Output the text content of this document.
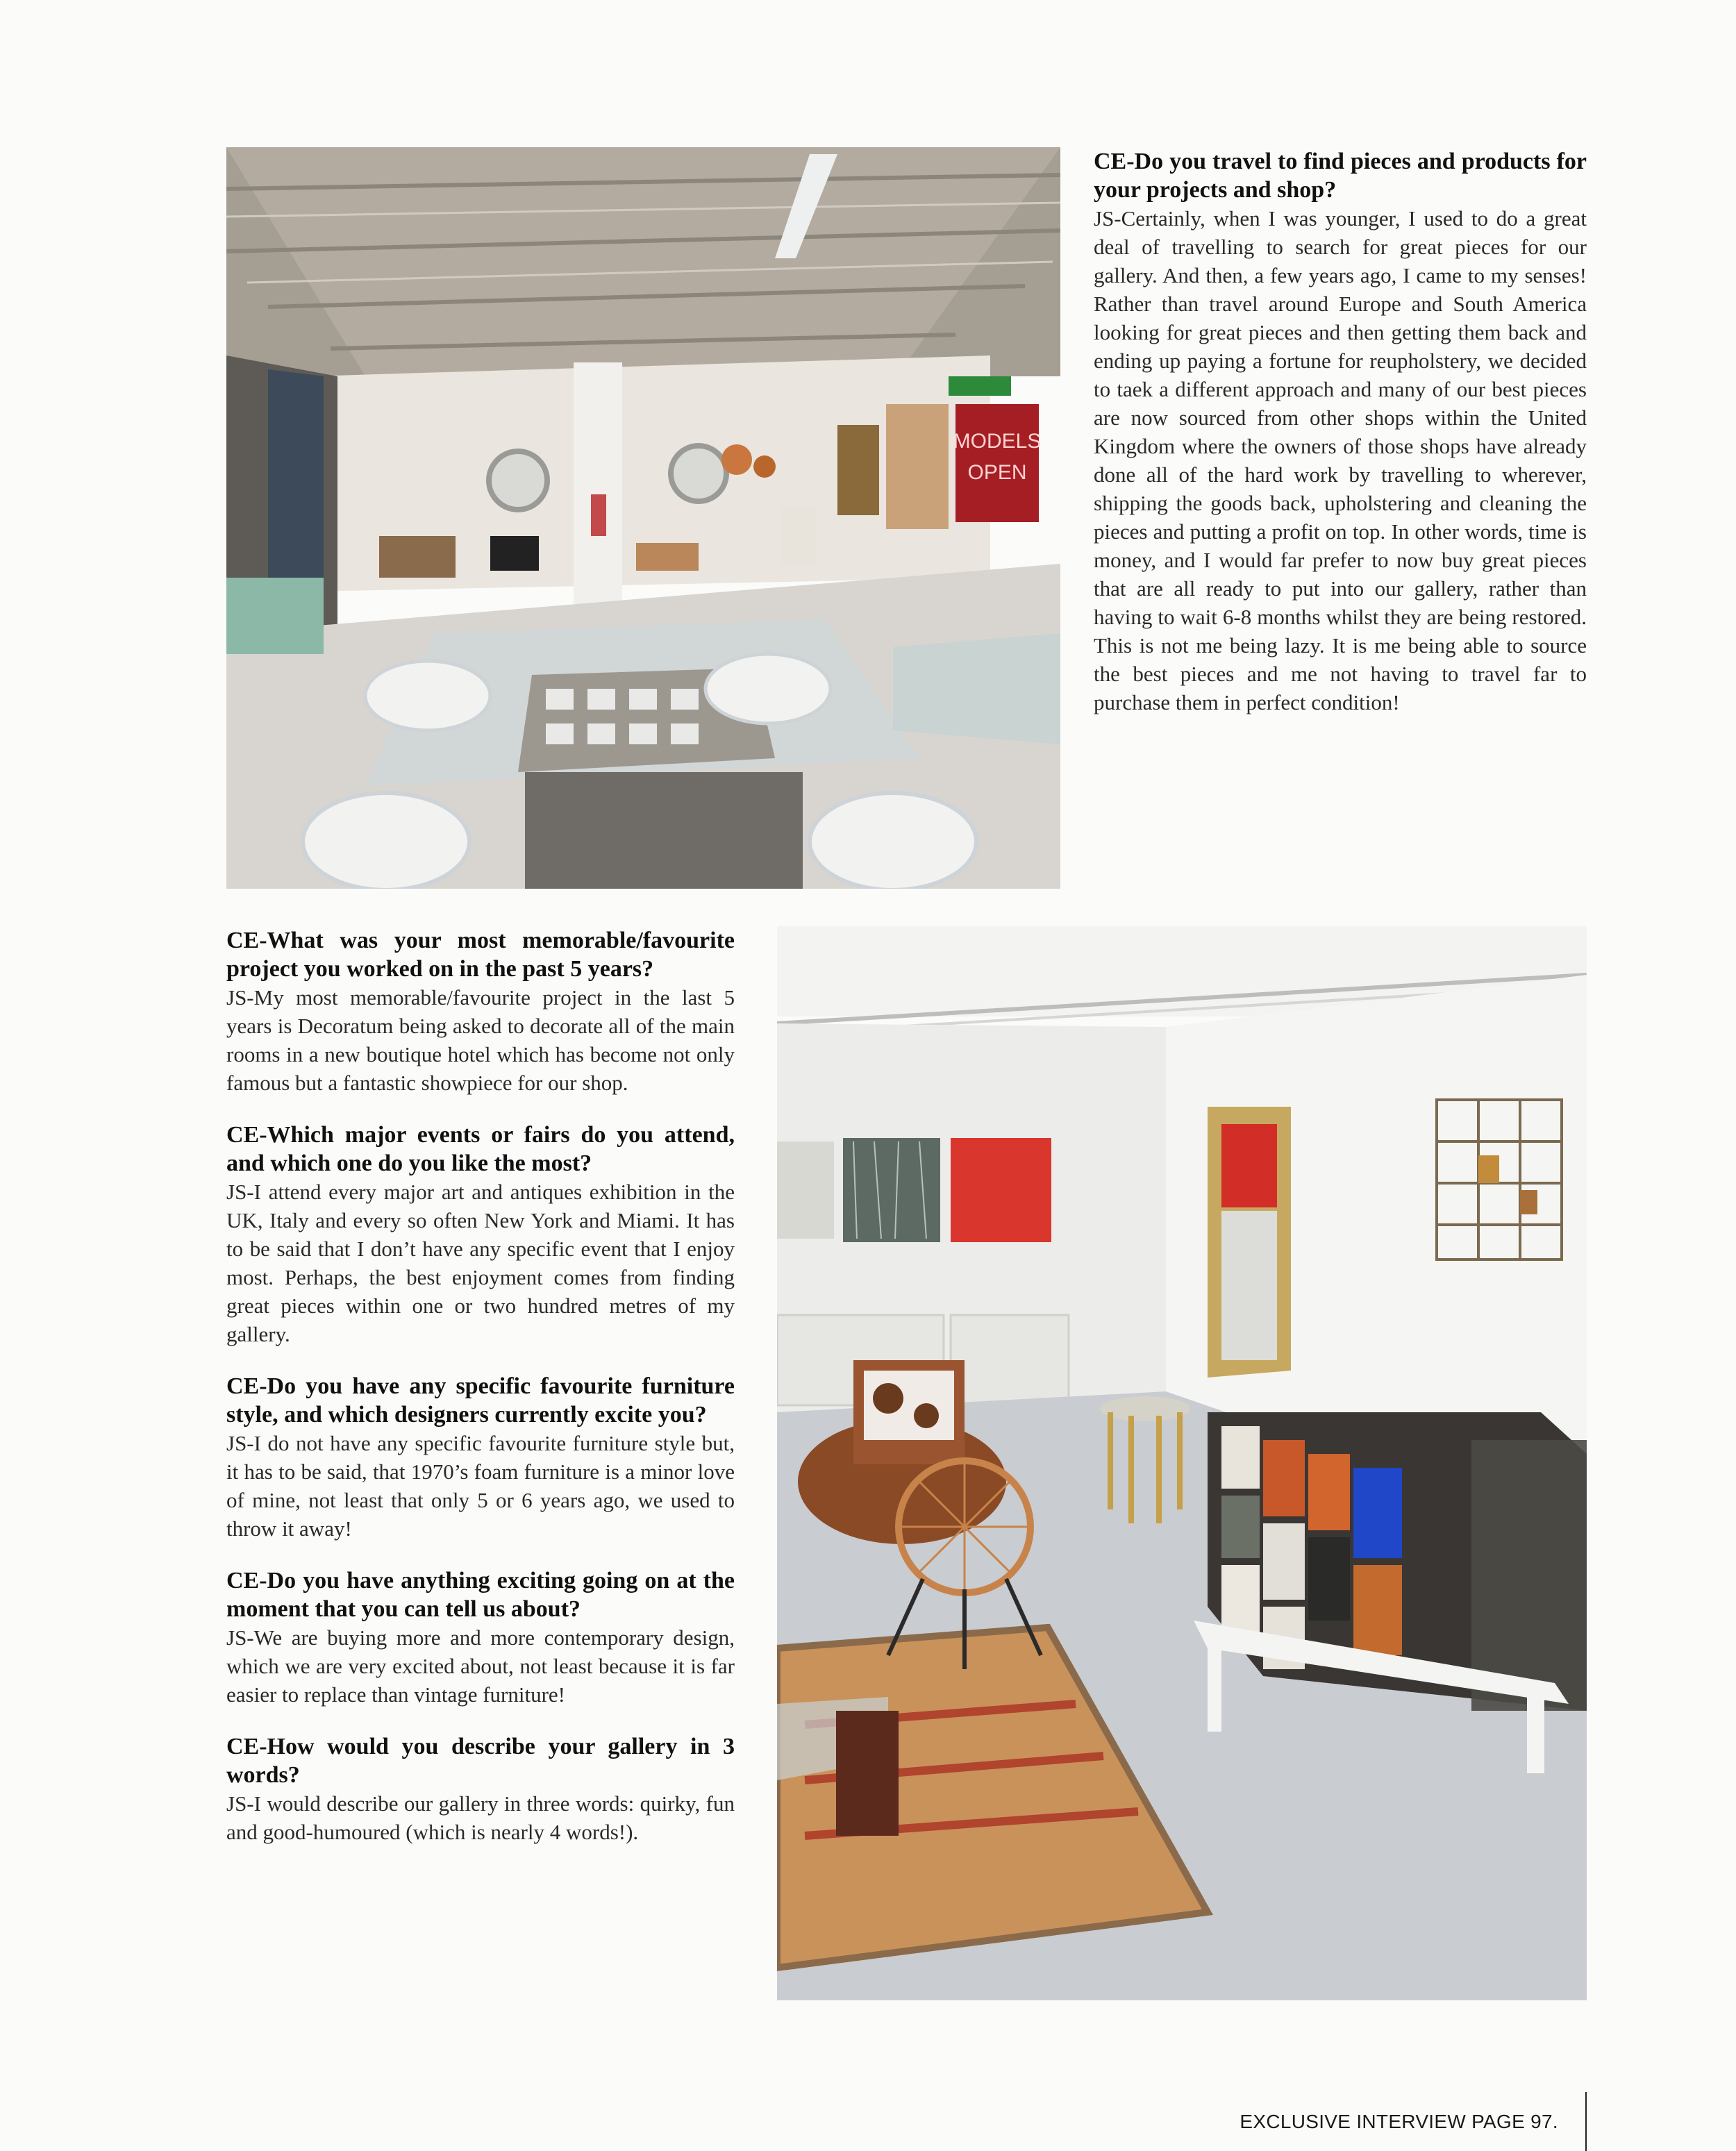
MODELS
OPEN

CE-Do you travel to find pieces and products for your projects and shop?

JS-Certainly, when I was younger, I used to do a great deal of travelling to search for great pieces for our gallery. And then, a few years ago, I came to my senses! Rather than travel around Europe and South America looking for great pieces and then getting them back and ending up paying a fortune for reupholstery, we decided to taek a different approach and many of our best pieces are now sourced from other shops within the United Kingdom where the owners of those shops have already done all of the hard work by travelling to wherever, shipping the goods back, upholstering and cleaning the pieces and putting a profit on top. In other words, time is money, and I would far prefer to now buy great pieces that are all ready to put into our gallery, rather than having to wait 6-8 months whilst they are being restored. This is not me being lazy. It is me being able to source the best pieces and me not having to travel far to purchase them in perfect condition!

CE-What was your most memorable/favourite project you worked on in the past 5 years?

JS-My most memorable/favourite project in the last 5 years is Decoratum being asked to decorate all of the main rooms in a new boutique hotel which has become not only famous but a fantastic showpiece for our shop.

CE-Which major events or fairs do you attend, and which one do you like the most?

JS-I attend every major art and antiques exhibition in the UK, Italy and every so often New York and Miami. It has to be said that I don’t have any specific event that I enjoy most. Perhaps, the best enjoyment comes from finding great pieces within one or two hundred metres of my gallery.

CE-Do you have any specific favourite furniture style, and which designers currently excite you?

JS-I do not have any specific favourite furniture style but, it has to be said, that 1970’s foam furniture is a minor love of mine, not least that only 5 or 6 years ago, we used to throw it away!

CE-Do you have anything exciting going on at the moment that you can tell us about?

JS-We are buying more and more contemporary design, which we are very excited about, not least because it is far easier to replace than vintage furniture!

CE-How would you describe your gallery in 3 words?

JS-I would describe our gallery in three words: quirky, fun and good-humoured (which is nearly 4 words!).

EXCLUSIVE INTERVIEW PAGE 97.
